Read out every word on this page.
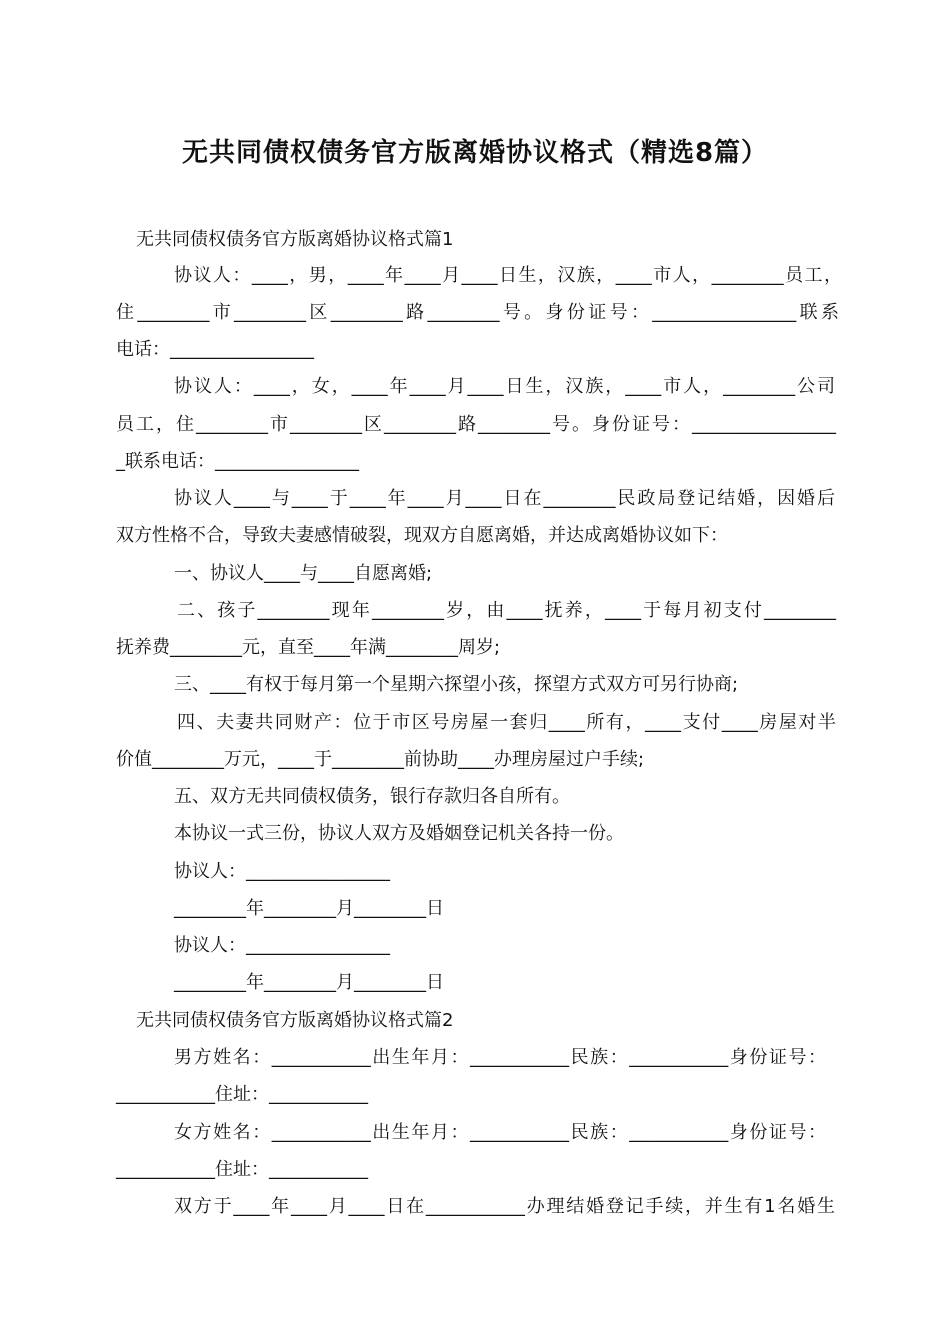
无共同债权债务官方版离婚协议格式（精选8篇）
无共同债权债务官方版离婚协议格式篇1
协议人：____，男，____年____月____日生，汉族，____市人，________员工，
住________市________区________路________号。身份证号：________________联系
电话：________________
协议人：____，女，____年____月____日生，汉族，____市人，________公司
员工，住________市________区________路________号。身份证号：________________
_联系电话：________________
协议人____与____于____年____月____日在________民政局登记结婚，因婚后
双方性格不合，导致夫妻感情破裂，现双方自愿离婚，并达成离婚协议如下：
一、协议人____与____自愿离婚;
二、孩子________现年________岁，由____抚养，____于每月初支付________
抚养费________元，直至____年满________周岁;
三、____有权于每月第一个星期六探望小孩，探望方式双方可另行协商;
四、夫妻共同财产：位于市区号房屋一套归____所有，____支付____房屋对半
价值________万元，____于________前协助____办理房屋过户手续;
五、双方无共同债权债务，银行存款归各自所有。
本协议一式三份，协议人双方及婚姻登记机关各持一份。
协议人：________________
________年________月________日
协议人：________________
________年________月________日
无共同债权债务官方版离婚协议格式篇2
男方姓名：___________出生年月：___________民族：___________身份证号：
___________住址：___________
女方姓名：___________出生年月：___________民族：___________身份证号：
___________住址：___________
双方于____年____月____日在___________办理结婚登记手续，并生有1名婚生
